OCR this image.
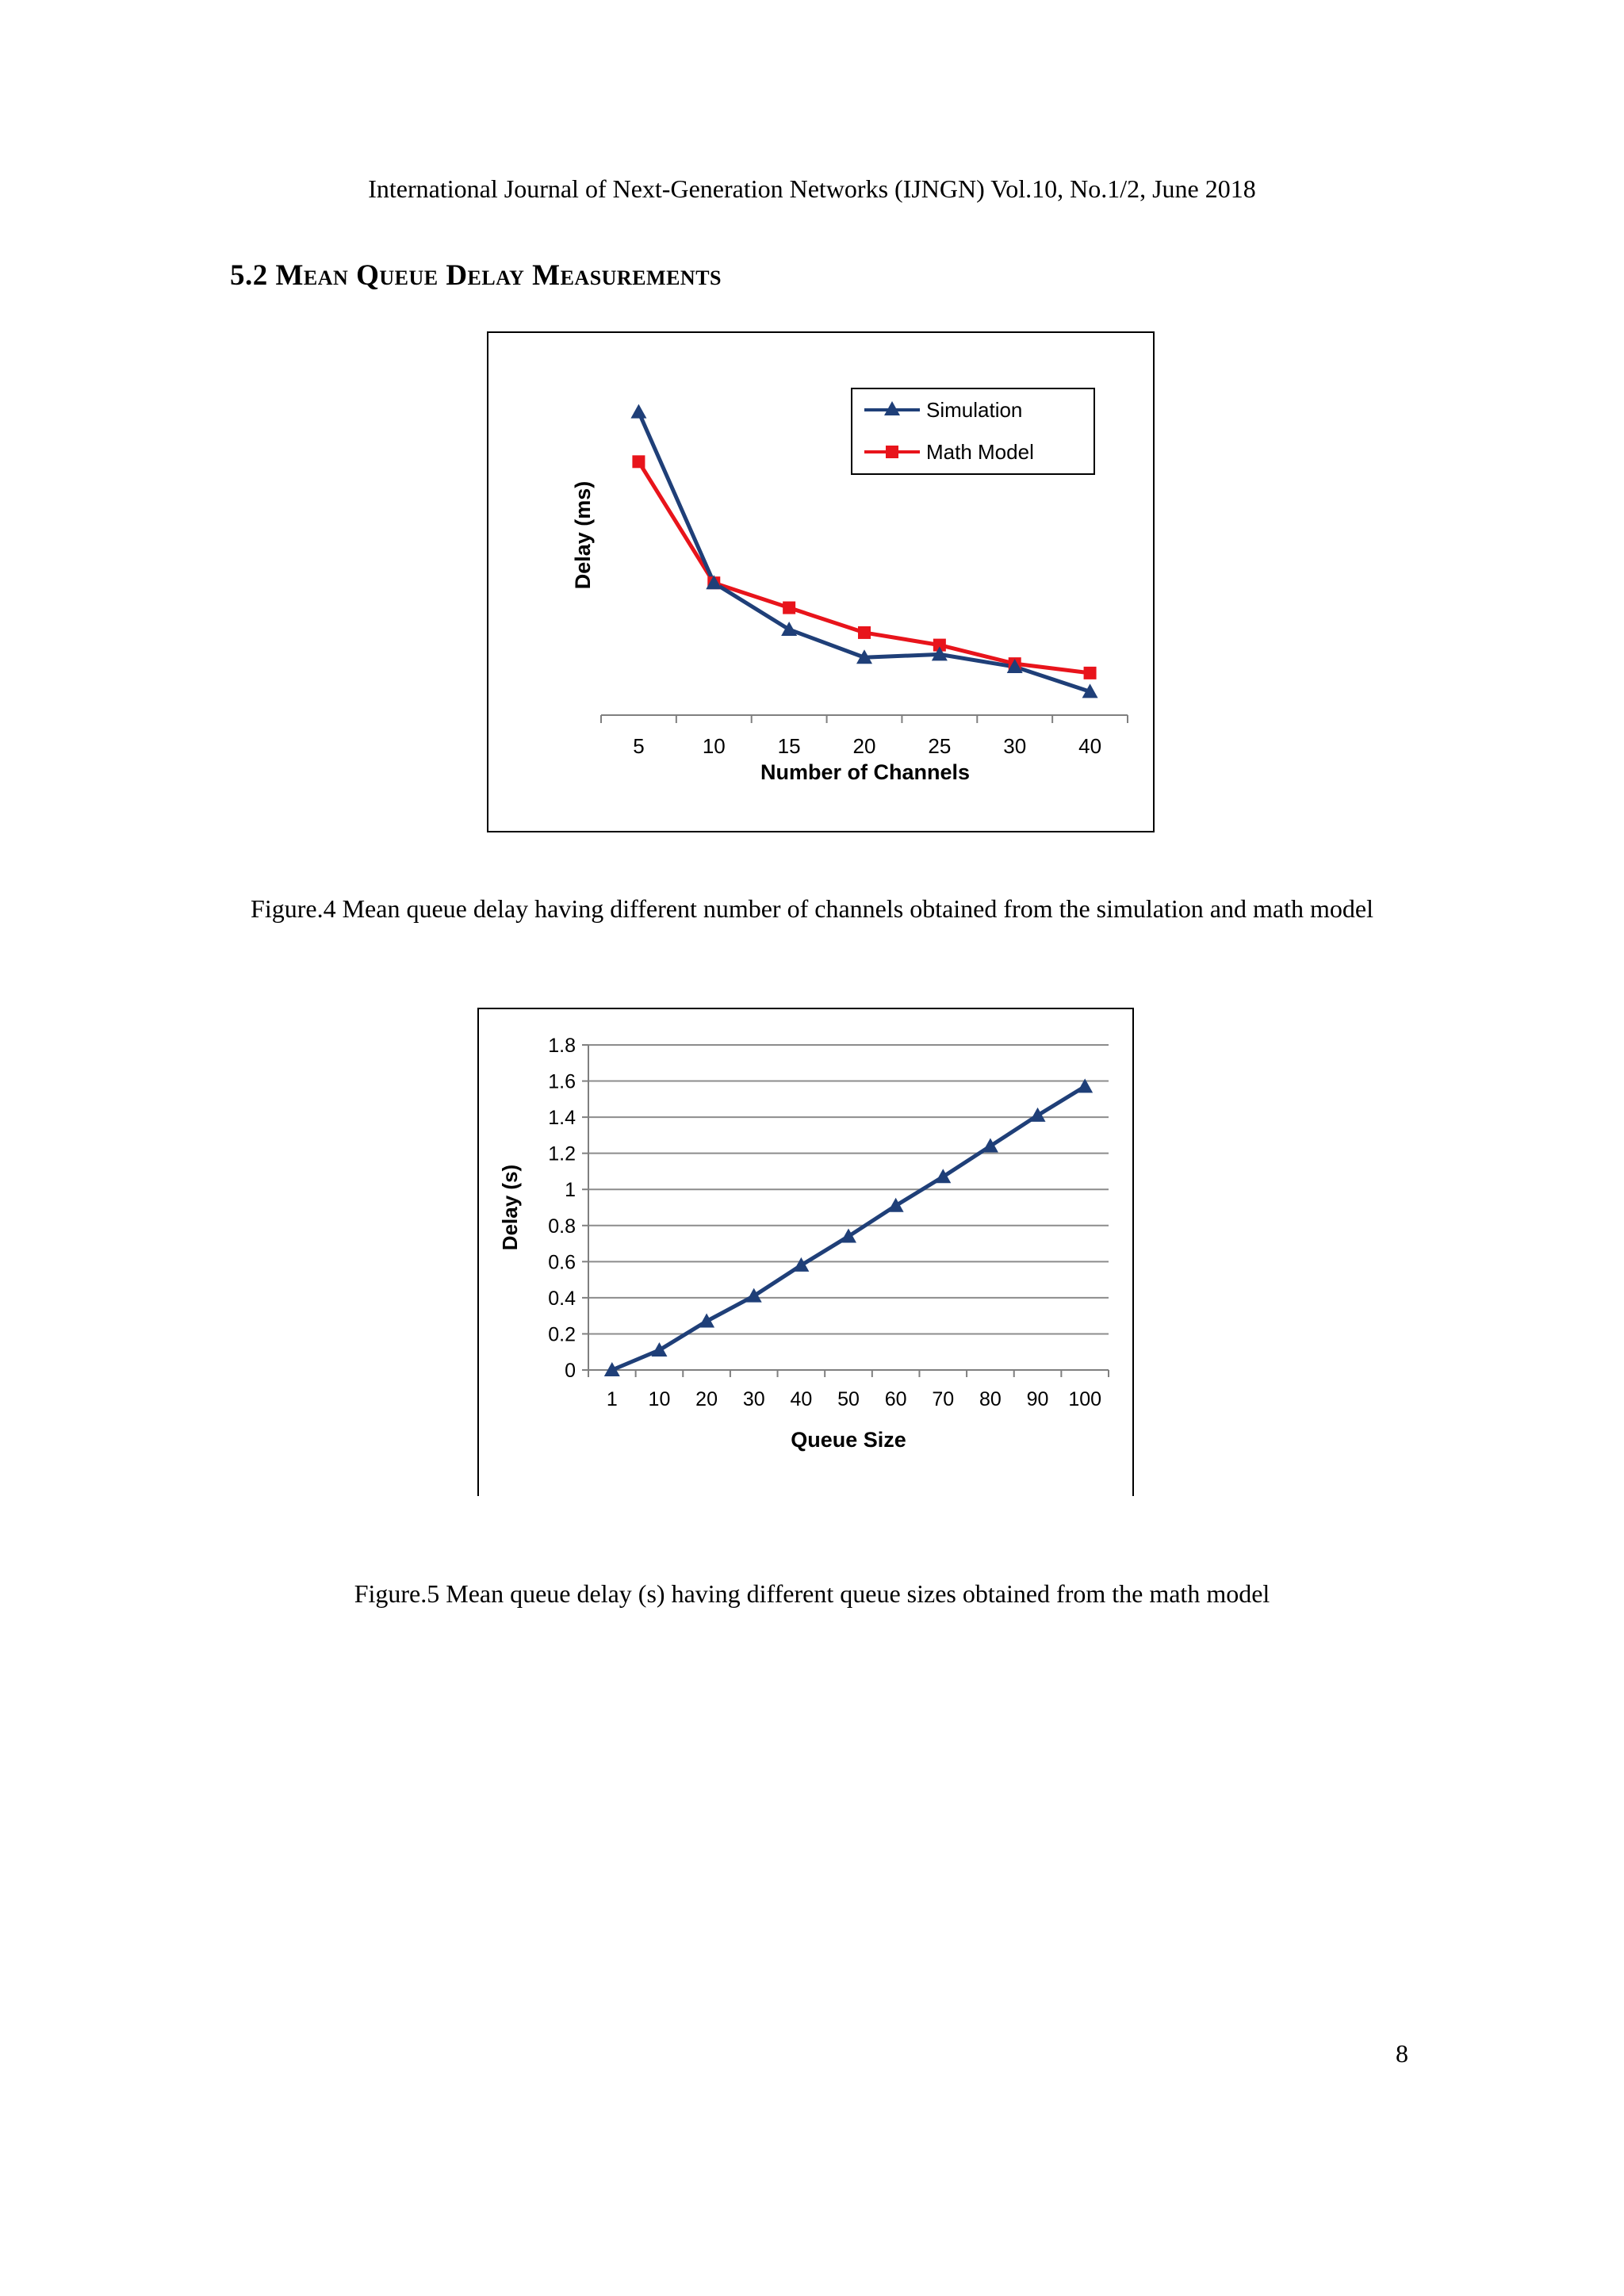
International Journal of Next-Generation Networks (IJNGN) Vol.10, No.1/2, June 2018
5.2 Mean Queue Delay Measurements
5	10	15	20	25	30	40
Number of Channels
Delay (ms)
Simulation
Math Model
Figure.4 Mean queue delay having different number of channels obtained from the simulation and math model
0
0.2
0.4
0.6
0.8
1
1.2
1.4
1.6
1.8
1 10 20 30 40 50 60 70 80 90 100
Queue Size
Delay (s)
Figure.5 Mean queue delay (s) having different queue sizes obtained from the math model
8
